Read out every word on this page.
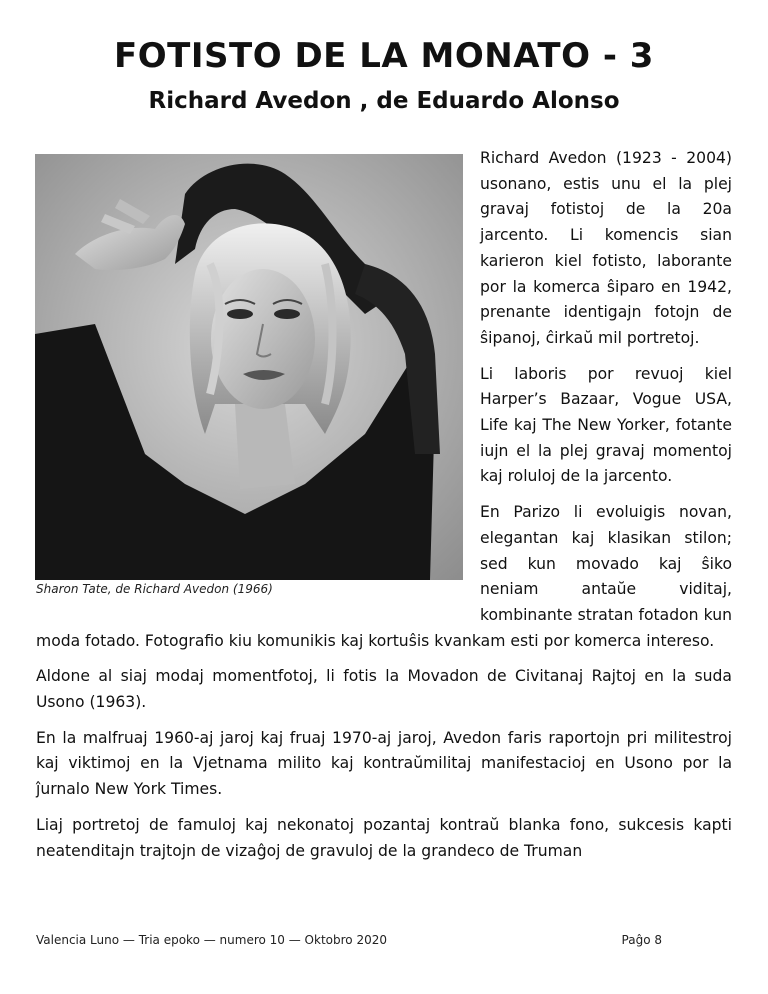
FOTISTO DE LA MONATO - 3
Richard Avedon , de Eduardo Alonso
Sharon Tate, de Richard Avedon (1966)

Richard Avedon (1923 - 2004) usonano, estis unu el la plej gravaj fotistoj de la 20a jarcento. Li komencis sian karieron kiel fotisto, laborante por la komerca ŝiparo en 1942, prenante identigajn fotojn de ŝipanoj, ĉirkaŭ mil portretoj.

Li laboris por revuoj kiel Harper’s Bazaar, Vogue USA, Life kaj The New Yorker, fotante iujn el la plej gravaj momentoj kaj roluloj de la jarcento.

En Parizo li evoluigis novan, elegantan kaj klasikan stilon; sed kun movado kaj ŝiko neniam antaŭe viditaj, kombinante stratan fotadon kun moda fotado. Fotografio kiu komunikis kaj kortuŝis kvankam esti por komerca intereso.

Aldone al siaj modaj momentfotoj, li fotis la Movadon de Civitanaj Rajtoj en la suda Usono (1963).

En la malfruaj 1960-aj jaroj kaj fruaj 1970-aj jaroj, Avedon faris raportojn pri militestroj kaj viktimoj en la Vjetnama milito kaj kontraŭmilitaj manifestacioj en Usono por la ĵurnalo New York Times.

Liaj portretoj de famuloj kaj nekonatoj pozantaj kontraŭ blanka fono, sukcesis kapti neatenditajn trajtojn de vizaĝoj de gravuloj de la grandeco de Truman

Valencia Luno — Tria epoko — numero 10 — Oktobro 2020	Paĝo 8
